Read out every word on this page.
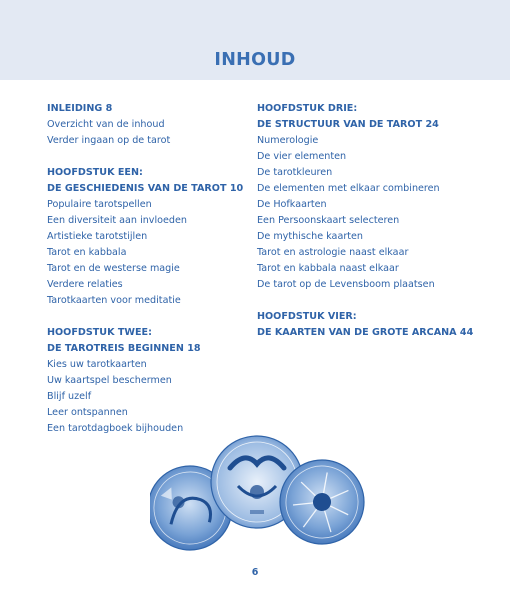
INHOUD
INLEIDING 8
Overzicht van de inhoud
Verder ingaan op de tarot
HOOFDSTUK EEN:
DE GESCHIEDENIS VAN DE TAROT 10
Populaire tarotspellen
Een diversiteit aan invloeden
Artistieke tarotstijlen
Tarot en kabbala
Tarot en de westerse magie
Verdere relaties
Tarotkaarten voor meditatie
HOOFDSTUK TWEE:
DE TAROTREIS BEGINNEN 18
Kies uw tarotkaarten
Uw kaartspel beschermen
Blijf uzelf
Leer ontspannen
Een tarotdagboek bijhouden
HOOFDSTUK DRIE:
DE STRUCTUUR VAN DE TAROT 24
Numerologie
De vier elementen
De tarotkleuren
De elementen met elkaar combineren
De Hofkaarten
Een Persoonskaart selecteren
De mythische kaarten
Tarot en astrologie naast elkaar
Tarot en kabbala naast elkaar
De tarot op de Levensboom plaatsen
HOOFDSTUK VIER:
DE KAARTEN VAN DE GROTE ARCANA 44
6
